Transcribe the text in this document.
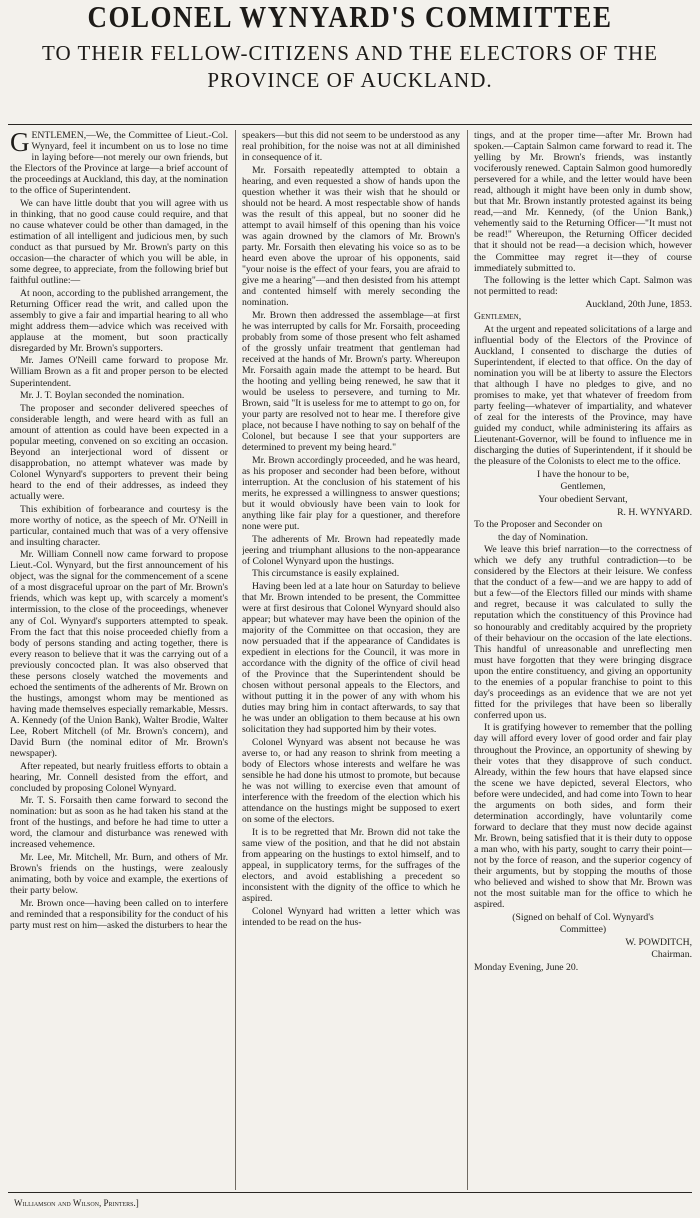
COLONEL WYNYARD'S COMMITTEE
TO THEIR FELLOW-CITIZENS AND THE ELECTORS OF THE
PROVINCE OF AUCKLAND.

GENTLEMEN,—We, the Committee of Lieut.-Col. Wynyard, feel it incumbent on us to lose no time in laying before—not merely our own friends, but the Electors of the Province at large—a brief account of the proceedings at Auckland, this day, at the nomination to the office of Superintendent.

We can have little doubt that you will agree with us in thinking, that no good cause could require, and that no cause whatever could be other than damaged, in the estimation of all intelligent and judicious men, by such conduct as that pursued by Mr. Brown's party on this occasion—the character of which you will be able, in some degree, to appreciate, from the following brief but faithful outline:—

At noon, according to the published arrangement, the Returning Officer read the writ, and called upon the assembly to give a fair and impartial hearing to all who might address them—advice which was received with applause at the moment, but soon practically disregarded by Mr. Brown's supporters.

Mr. James O'Neill came forward to propose Mr. William Brown as a fit and proper person to be elected Superintendent.

Mr. J. T. Boylan seconded the nomination.

The proposer and seconder delivered speeches of considerable length, and were heard with as full an amount of attention as could have been expected in a popular meeting, convened on so exciting an occasion. Beyond an interjectional word of dissent or disapprobation, no attempt whatever was made by Colonel Wynyard's supporters to prevent their being heard to the end of their addresses, as indeed they actually were.

This exhibition of forbearance and courtesy is the more worthy of notice, as the speech of Mr. O'Neill in particular, contained much that was of a very offensive and insulting character.

Mr. William Connell now came forward to propose Lieut.-Col. Wynyard, but the first announcement of his object, was the signal for the commencement of a scene of a most disgraceful uproar on the part of Mr. Brown's friends, which was kept up, with scarcely a moment's intermission, to the close of the proceedings, whenever any of Col. Wynyard's supporters attempted to speak. From the fact that this noise proceeded chiefly from a body of persons standing and acting together, there is every reason to believe that it was the carrying out of a previously concocted plan. It was also observed that these persons closely watched the movements and echoed the sentiments of the adherents of Mr. Brown on the hustings, amongst whom may be mentioned as having made themselves especially remarkable, Messrs. A. Kennedy (of the Union Bank), Walter Brodie, Walter Lee, Robert Mitchell (of Mr. Brown's concern), and David Burn (the nominal editor of Mr. Brown's newspaper).

After repeated, but nearly fruitless efforts to obtain a hearing, Mr. Connell desisted from the effort, and concluded by proposing Colonel Wynyard.

Mr. T. S. Forsaith then came forward to second the nomination: but as soon as he had taken his stand at the front of the hustings, and before he had time to utter a word, the clamour and disturbance was renewed with increased vehemence.

Mr. Lee, Mr. Mitchell, Mr. Burn, and others of Mr. Brown's friends on the hustings, were zealously animating, both by voice and example, the exertions of their party below.

Mr. Brown once—having been called on to interfere and reminded that a responsibility for the conduct of his party must rest on him—asked the disturbers to hear the

speakers—but this did not seem to be understood as any real prohibition, for the noise was not at all diminished in consequence of it.

Mr. Forsaith repeatedly attempted to obtain a hearing, and even requested a show of hands upon the question whether it was their wish that he should or should not be heard. A most respectable show of hands was the result of this appeal, but no sooner did he attempt to avail himself of this opening than his voice was again drowned by the clamors of Mr. Brown's party. Mr. Forsaith then elevating his voice so as to be heard even above the uproar of his opponents, said "your noise is the effect of your fears, you are afraid to give me a hearing"—and then desisted from his attempt and contented himself with merely seconding the nomination.

Mr. Brown then addressed the assemblage—at first he was interrupted by calls for Mr. Forsaith, proceeding probably from some of those present who felt ashamed of the grossly unfair treatment that gentleman had received at the hands of Mr. Brown's party. Whereupon Mr. Forsaith again made the attempt to be heard. But the hooting and yelling being renewed, he saw that it would be useless to persevere, and turning to Mr. Brown, said "It is useless for me to attempt to go on, for your party are resolved not to hear me. I therefore give place, not because I have nothing to say on behalf of the Colonel, but because I see that your supporters are determined to prevent my being heard."

Mr. Brown accordingly proceeded, and he was heard, as his proposer and seconder had been before, without interruption. At the conclusion of his statement of his merits, he expressed a willingness to answer questions; but it would obviously have been vain to look for anything like fair play for a questioner, and therefore none were put.

The adherents of Mr. Brown had repeatedly made jeering and triumphant allusions to the non-appearance of Colonel Wynyard upon the hustings.

This circumstance is easily explained.

Having been led at a late hour on Saturday to believe that Mr. Brown intended to be present, the Committee were at first desirous that Colonel Wynyard should also appear; but whatever may have been the opinion of the majority of the Committee on that occasion, they are now persuaded that if the appearance of Candidates is expedient in elections for the Council, it was more in accordance with the dignity of the office of civil head of the Province that the Superintendent should be chosen without personal appeals to the Electors, and without putting it in the power of any with whom his duties may bring him in contact afterwards, to say that he was under an obligation to them because at his own solicitation they had supported him by their votes.

Colonel Wynyard was absent not because he was averse to, or had any reason to shrink from meeting a body of Electors whose interests and welfare he was sensible he had done his utmost to promote, but because he was not willing to exercise even that amount of interference with the freedom of the election which his attendance on the hustings might be supposed to exert on some of the electors.

It is to be regretted that Mr. Brown did not take the same view of the position, and that he did not abstain from appearing on the hustings to extol himself, and to appeal, in supplicatory terms, for the suffrages of the electors, and avoid establishing a precedent so inconsistent with the dignity of the office to which he aspired.

Colonel Wynyard had written a letter which was intended to be read on the hus-

tings, and at the proper time—after Mr. Brown had spoken.—Captain Salmon came forward to read it. The yelling by Mr. Brown's friends, was instantly vociferously renewed. Captain Salmon good humoredly persevered for a while, and the letter would have been read, although it might have been only in dumb show, but that Mr. Brown instantly protested against its being read,—and Mr. Kennedy, (of the Union Bank,) vehemently said to the Returning Officer—"It must not be read!" Whereupon, the Returning Officer decided that it should not be read—a decision which, however the Committee may regret it—they of course immediately submitted to.

The following is the letter which Capt. Salmon was not permitted to read:

Auckland, 20th June, 1853.

Gentlemen,

At the urgent and repeated solicitations of a large and influential body of the Electors of the Province of Auckland, I consented to discharge the duties of Superintendent, if elected to that office. On the day of nomination you will be at liberty to assure the Electors that although I have no pledges to give, and no promises to make, yet that whatever of freedom from party feeling—whatever of impartiality, and whatever of zeal for the interests of the Province, may have guided my conduct, while administering its affairs as Lieutenant-Governor, will be found to influence me in discharging the duties of Superintendent, if it should be the pleasure of the Colonists to elect me to the office.

I have the honour to be,

Gentlemen,

Your obedient Servant,

R. H. WYNYARD.

To the Proposer and Seconder on

the day of Nomination.

We leave this brief narration—to the correctness of which we defy any truthful contradiction—to be considered by the Electors at their leisure. We confess that the conduct of a few—and we are happy to add of but a few—of the Electors filled our minds with shame and regret, because it was calculated to sully the reputation which the constituency of this Province had so honourably and creditably acquired by the propriety of their behaviour on the occasion of the late elections. This handful of unreasonable and unreflecting men must have forgotten that they were bringing disgrace upon the entire constituency, and giving an opportunity to the enemies of a popular franchise to point to this day's proceedings as an evidence that we are not yet fitted for the privileges that have been so liberally conferred upon us.

It is gratifying however to remember that the polling day will afford every lover of good order and fair play throughout the Province, an opportunity of shewing by their votes that they disapprove of such conduct. Already, within the few hours that have elapsed since the scene we have depicted, several Electors, who before were undecided, and had come into Town to hear the arguments on both sides, and form their determination accordingly, have voluntarily come forward to declare that they must now decide against Mr. Brown, being satisfied that it is their duty to oppose a man who, with his party, sought to carry their point—not by the force of reason, and the superior cogency of their arguments, but by stopping the mouths of those who believed and wished to show that Mr. Brown was not the most suitable man for the office to which he aspired.

(Signed on behalf of Col. Wynyard's

Committee)

W. POWDITCH,

Chairman.

Monday Evening, June 20.

Williamson and Wilson, Printers.]
